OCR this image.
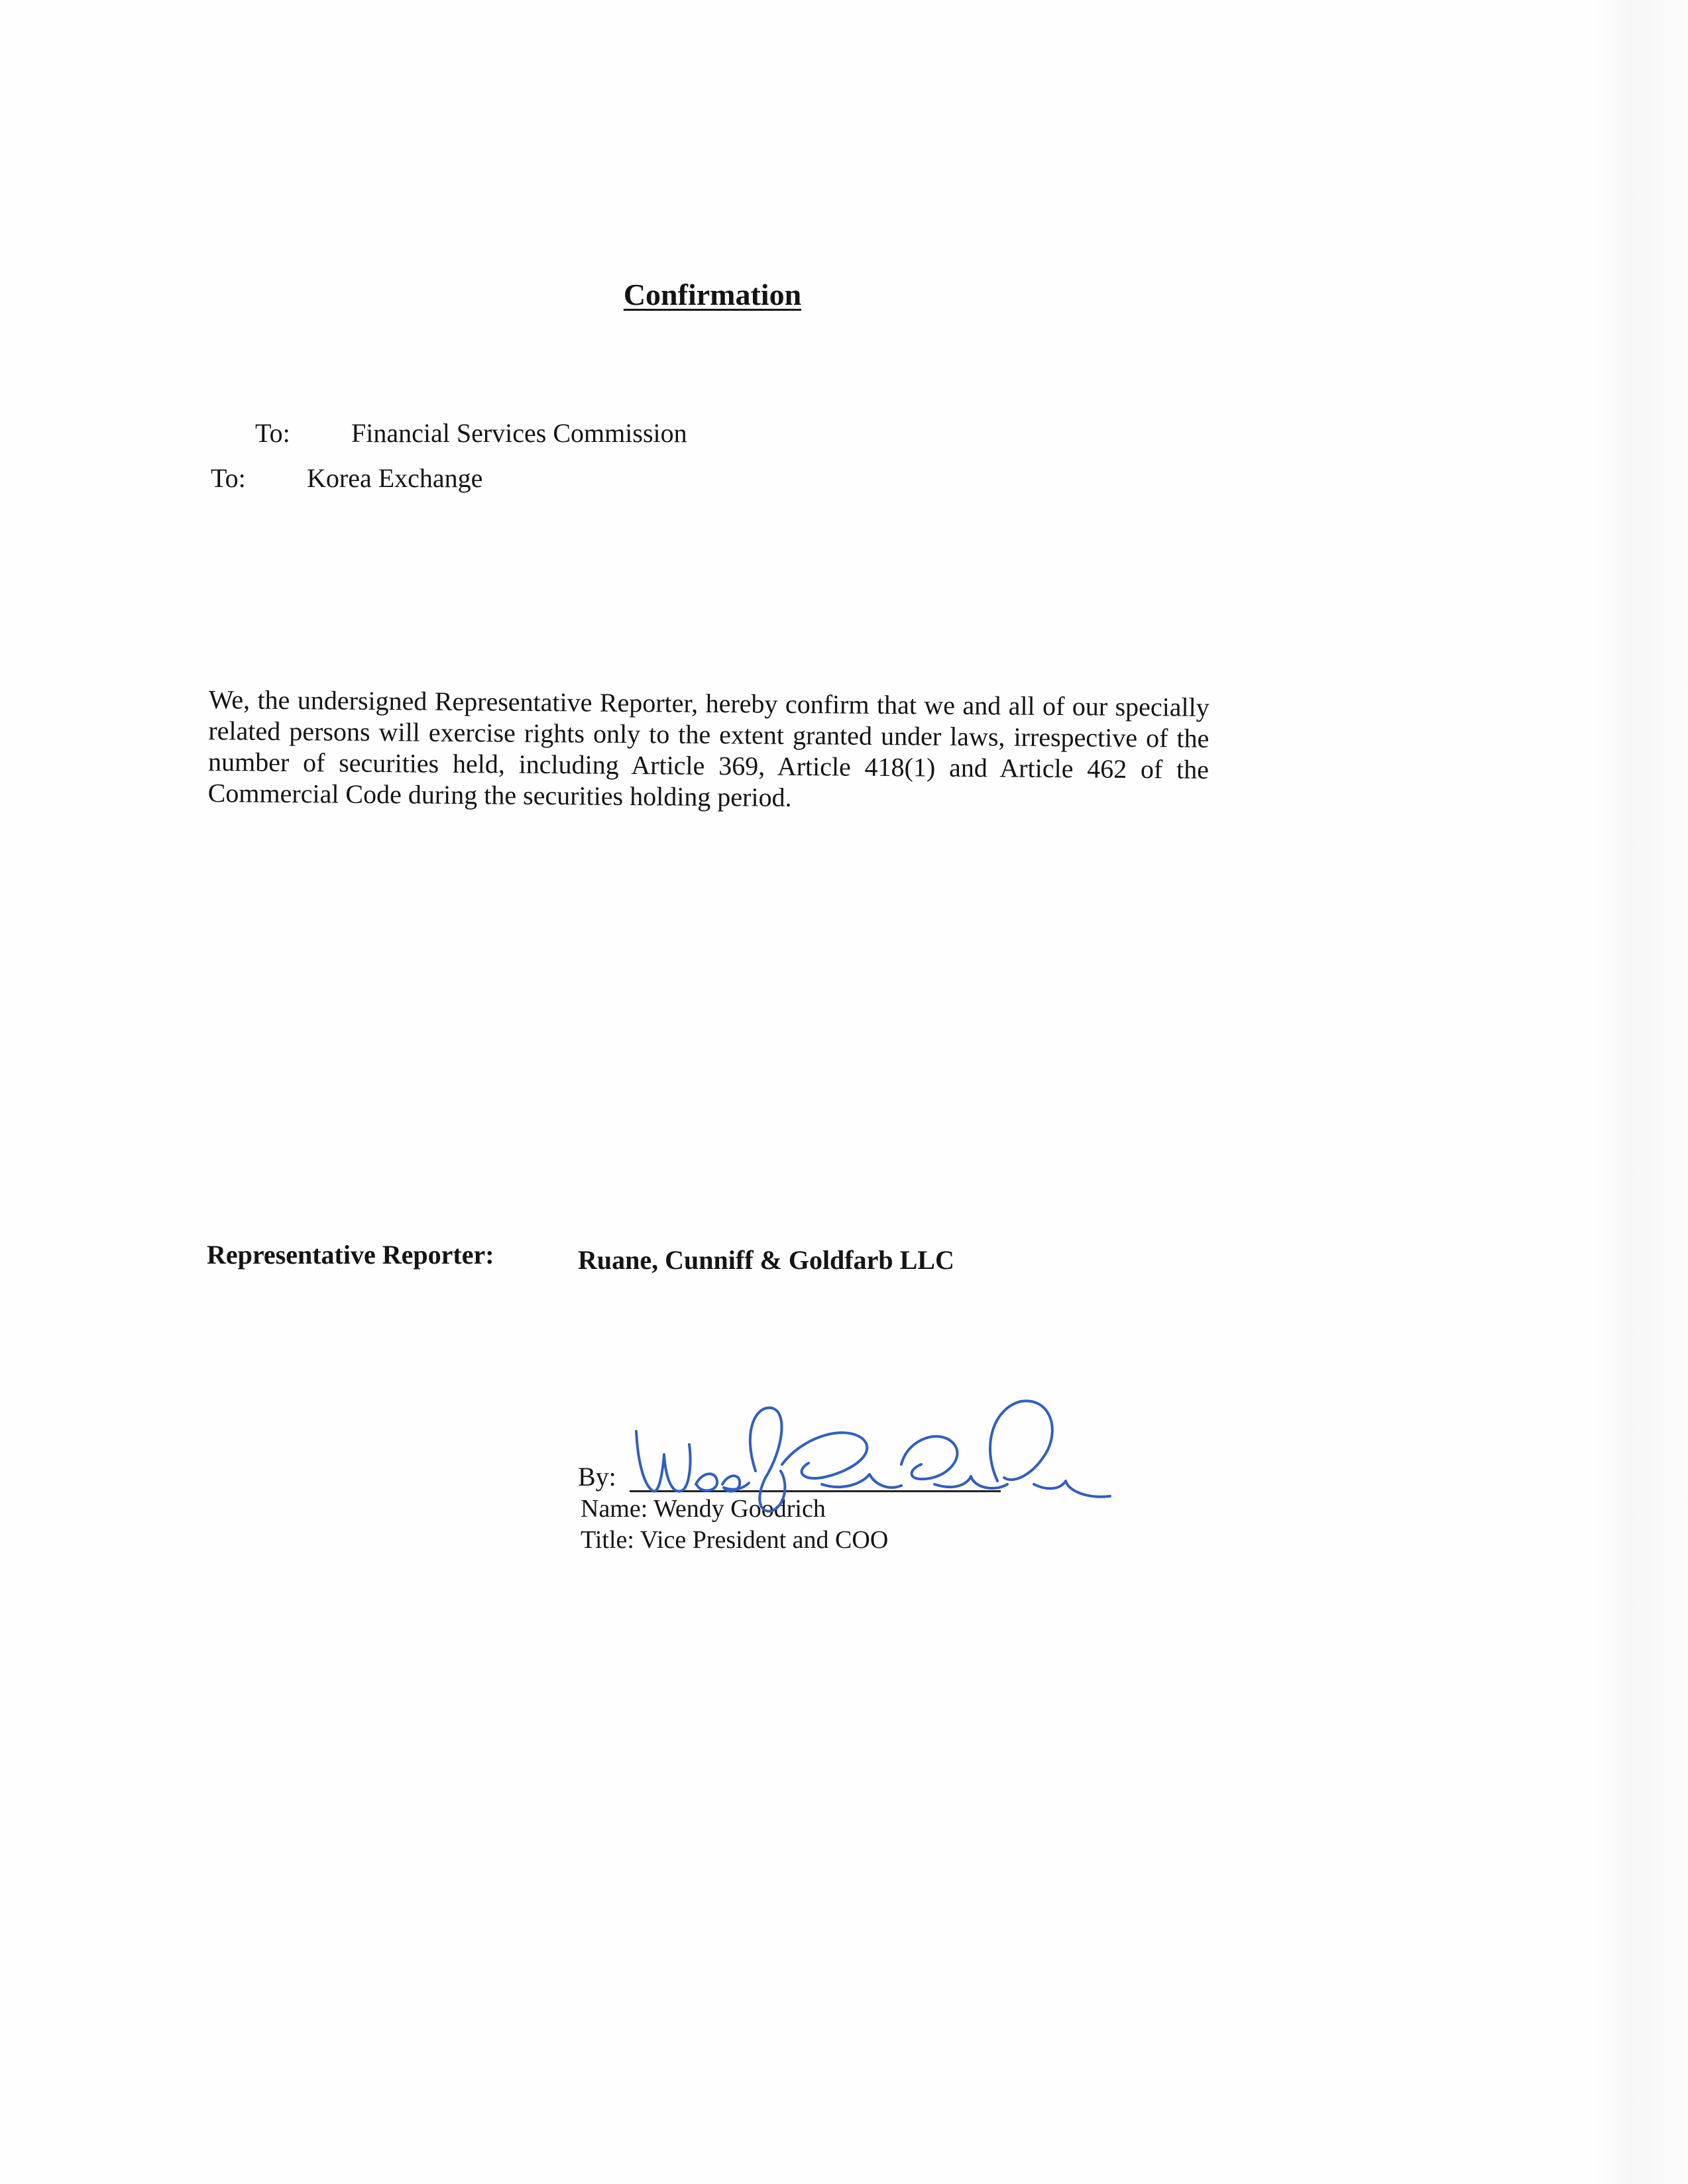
Confirmation
To: Financial Services Commission
To: Korea Exchange
We, the undersigned Representative Reporter, hereby confirm that we and all of our specially related persons will exercise rights only to the extent granted under laws, irrespective of the number of securities held, including Article 369, Article 418(1) and Article 462 of the Commercial Code during the securities holding period.
Representative Reporter:	Ruane, Cunniff & Goldfarb LLC
By:
Name: Wendy Goodrich
Title: Vice President and COO
